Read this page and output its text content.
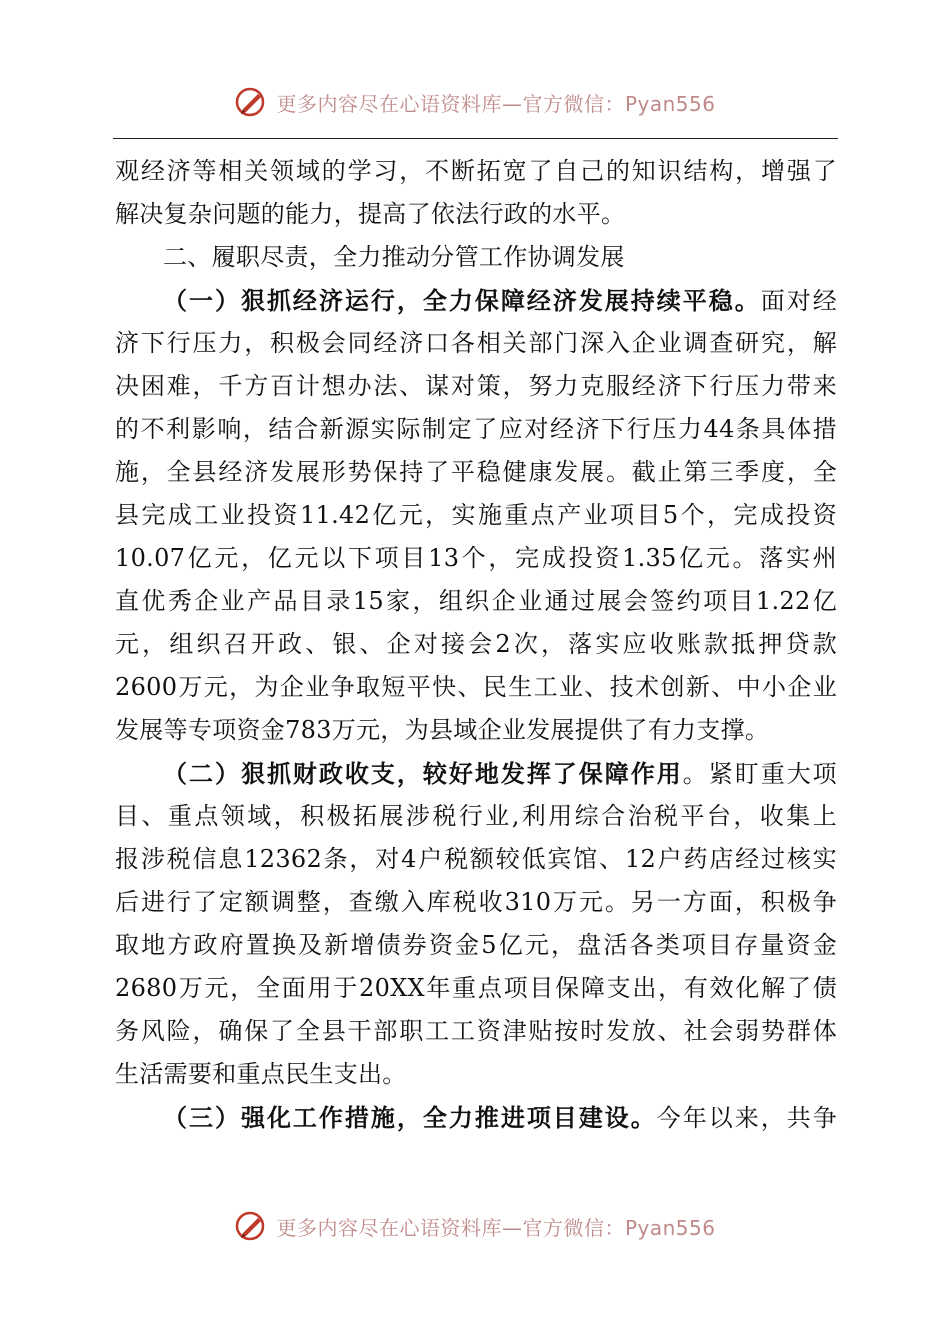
更多内容尽在心语资料库—官方微信：Pyan556
观经济等相关领域的学习，不断拓宽了自己的知识结构，增强了
解决复杂问题的能力，提高了依法行政的水平。
二、履职尽责，全力推动分管工作协调发展
（一）狠抓经济运行，全力保障经济发展持续平稳。面对经
济下行压力，积极会同经济口各相关部门深入企业调查研究，解
决困难，千方百计想办法、谋对策，努力克服经济下行压力带来
的不利影响，结合新源实际制定了应对经济下行压力44条具体措
施，全县经济发展形势保持了平稳健康发展。截止第三季度，全
县完成工业投资11.42亿元，实施重点产业项目5个，完成投资
10.07亿元，亿元以下项目13个，完成投资1.35亿元。落实州
直优秀企业产品目录15家，组织企业通过展会签约项目1.22亿
元，组织召开政、银、企对接会2次，落实应收账款抵押贷款
2600万元，为企业争取短平快、民生工业、技术创新、中小企业
发展等专项资金783万元，为县域企业发展提供了有力支撑。
（二）狠抓财政收支，较好地发挥了保障作用。紧盯重大项
目、重点领域，积极拓展涉税行业,利用综合治税平台，收集上
报涉税信息12362条，对4户税额较低宾馆、12户药店经过核实
后进行了定额调整，查缴入库税收310万元。另一方面，积极争
取地方政府置换及新增债券资金5亿元，盘活各类项目存量资金
2680万元，全面用于20XX年重点项目保障支出，有效化解了债
务风险，确保了全县干部职工工资津贴按时发放、社会弱势群体
生活需要和重点民生支出。
（三）强化工作措施，全力推进项目建设。今年以来，共争
更多内容尽在心语资料库—官方微信：Pyan556
